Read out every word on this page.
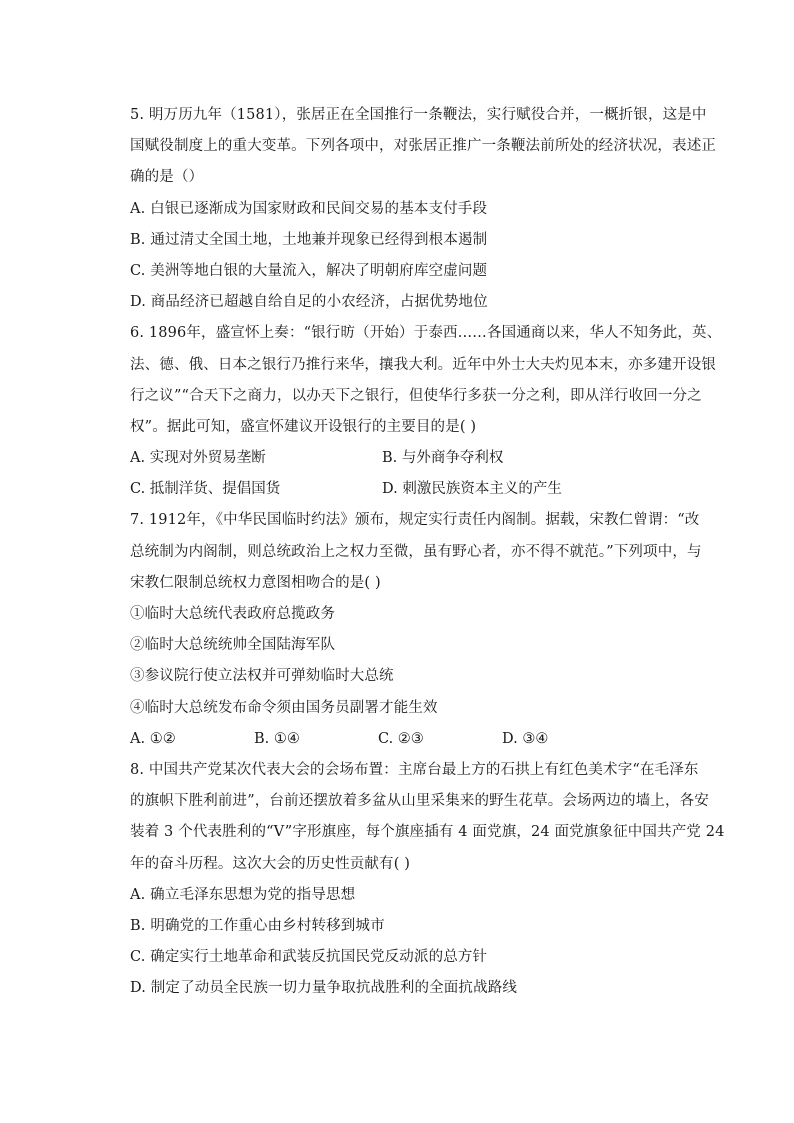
5. 明万历九年（1581），张居正在全国推行一条鞭法，实行赋役合并，一概折银，这是中
国赋役制度上的重大变革。下列各项中，对张居正推广一条鞭法前所处的经济状况，表述正
确的是（）
A. 白银已逐渐成为国家财政和民间交易的基本支付手段
B. 通过清丈全国土地，土地兼并现象已经得到根本遏制
C. 美洲等地白银的大量流入，解决了明朝府库空虚问题
D. 商品经济已超越自给自足的小农经济，占据优势地位
6. 1896年，盛宣怀上奏：“银行昉（开始）于泰西……各国通商以来，华人不知务此，英、
法、德、俄、日本之银行乃推行来华，攘我大利。近年中外士大夫灼见本末，亦多建开设银
行之议”“合天下之商力，以办天下之银行，但使华行多获一分之利，即从洋行收回一分之
权”。据此可知，盛宣怀建议开设银行的主要目的是( )
A. 实现对外贸易垄断	B. 与外商争夺利权
C. 抵制洋货、提倡国货	D. 刺激民族资本主义的产生
7. 1912年，《中华民国临时约法》颁布，规定实行责任内阁制。据载，宋教仁曾谓：“改
总统制为内阁制，则总统政治上之权力至微，虽有野心者，亦不得不就范。”下列项中，与
宋教仁限制总统权力意图相吻合的是( )
①临时大总统代表政府总揽政务
②临时大总统统帅全国陆海军队
③参议院行使立法权并可弹劾临时大总统
④临时大总统发布命令须由国务员副署才能生效
A. ①②	B. ①④	C. ②③	D. ③④
8. 中国共产党某次代表大会的会场布置：主席台最上方的石拱上有红色美术字“在毛泽东
的旗帜下胜利前进”，台前还摆放着多盆从山里采集来的野生花草。会场两边的墙上，各安
装着 3 个代表胜利的“V”字形旗座，每个旗座插有 4 面党旗，24 面党旗象征中国共产党 24
年的奋斗历程。这次大会的历史性贡献有( )
A. 确立毛泽东思想为党的指导思想
B. 明确党的工作重心由乡村转移到城市
C. 确定实行土地革命和武装反抗国民党反动派的总方针
D. 制定了动员全民族一切力量争取抗战胜利的全面抗战路线
